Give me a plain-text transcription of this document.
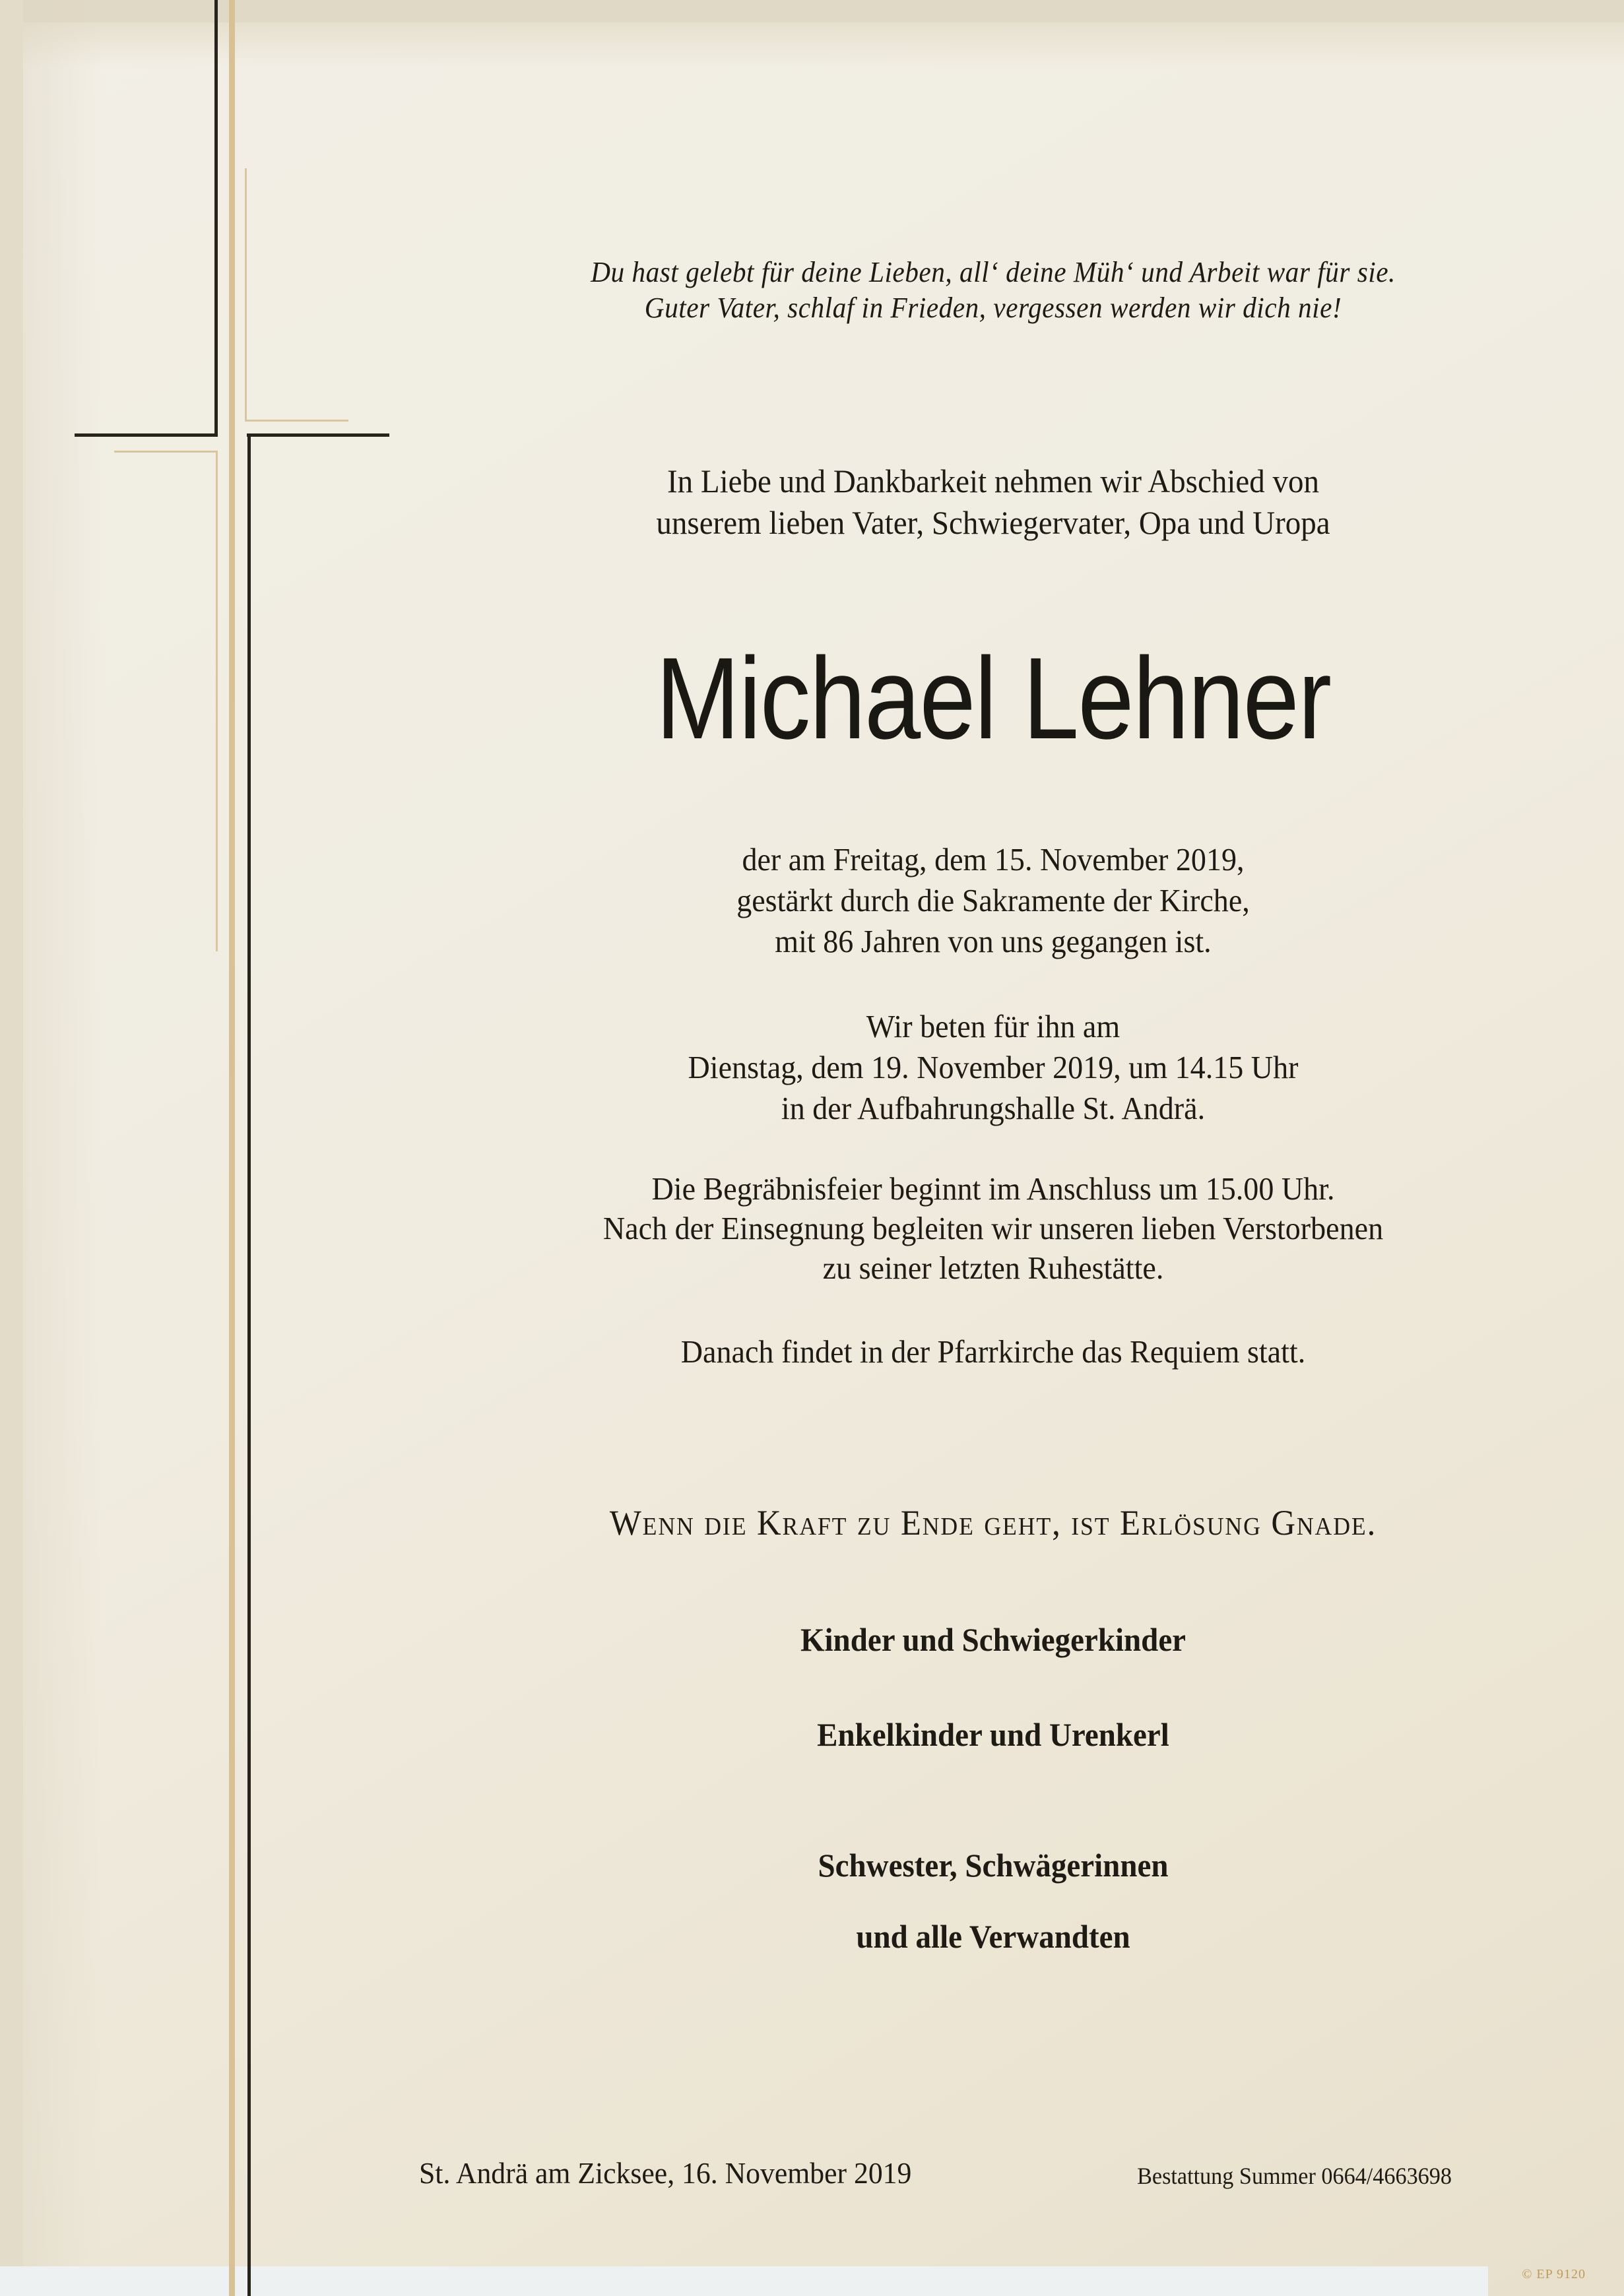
Du hast gelebt für deine Lieben, all‘ deine Müh‘ und Arbeit war für sie.
Guter Vater, schlaf in Frieden, vergessen werden wir dich nie!
In Liebe und Dankbarkeit nehmen wir Abschied von
unserem lieben Vater, Schwiegervater, Opa und Uropa
Michael Lehner
der am Freitag, dem 15. November 2019,
gestärkt durch die Sakramente der Kirche,
mit 86 Jahren von uns gegangen ist.
Wir beten für ihn am
Dienstag, dem 19. November 2019, um 14.15 Uhr
in der Aufbahrungshalle St. Andrä.
Die Begräbnisfeier beginnt im Anschluss um 15.00 Uhr.
Nach der Einsegnung begleiten wir unseren lieben Verstorbenen
zu seiner letzten Ruhestätte.
Danach findet in der Pfarrkirche das Requiem statt.
Wenn die Kraft zu Ende geht, ist Erlösung Gnade.
Kinder und Schwiegerkinder
Enkelkinder und Urenkerl
Schwester, Schwägerinnen
und alle Verwandten
St. Andrä am Zicksee, 16. November 2019	Bestattung Summer 0664/4663698
© EP 9120
